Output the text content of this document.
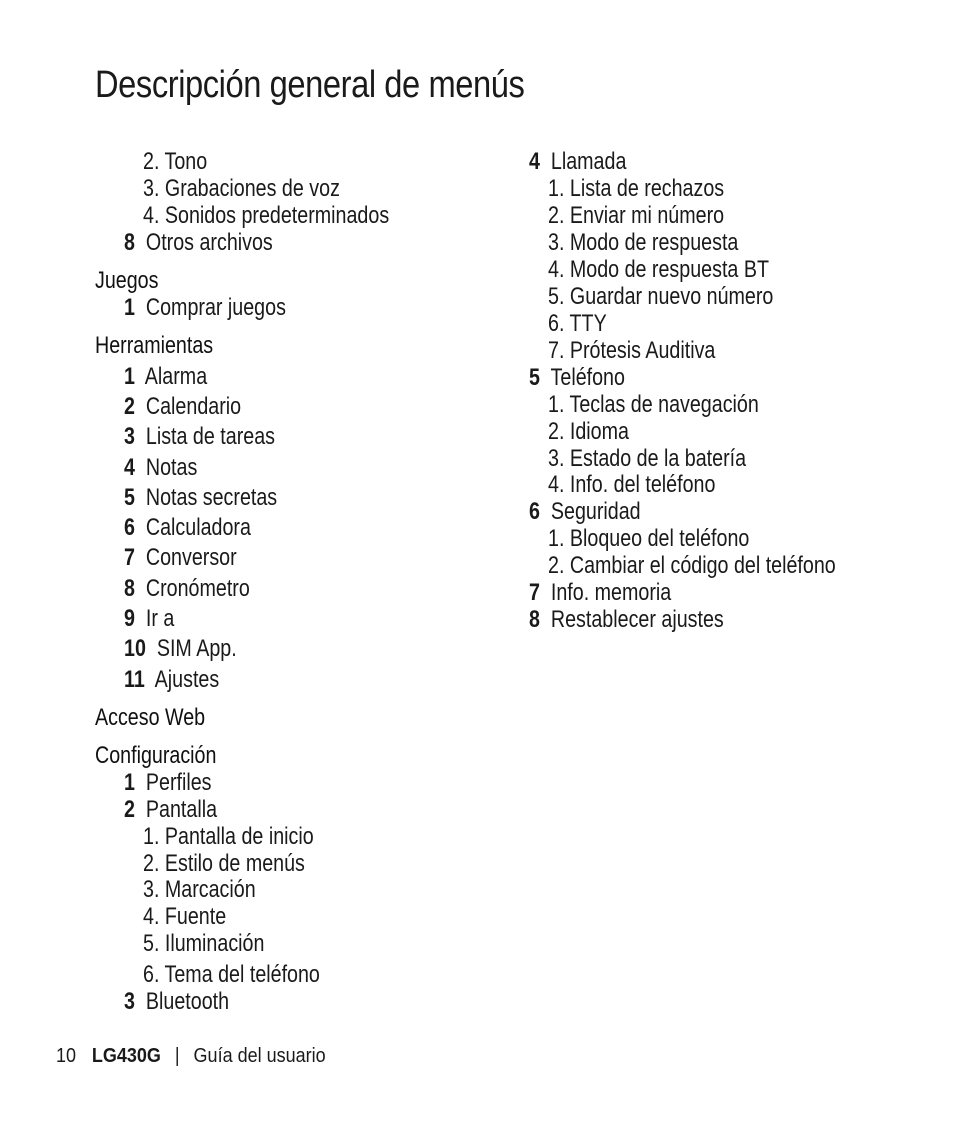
Descripción general de menús
2. Tono
3. Grabaciones de voz
4. Sonidos predeterminados
8 Otros archivos
Juegos
1 Comprar juegos
Herramientas
1 Alarma
2 Calendario
3 Lista de tareas
4 Notas
5 Notas secretas
6 Calculadora
7 Conversor
8 Cronómetro
9 Ir a
10 SIM App.
11 Ajustes
Acceso Web
Configuración
1 Perfiles
2 Pantalla
1. Pantalla de inicio
2. Estilo de menús
3. Marcación
4. Fuente
5. Iluminación
6. Tema del teléfono
3 Bluetooth
4 Llamada
1. Lista de rechazos
2. Enviar mi número
3. Modo de respuesta
4. Modo de respuesta BT
5. Guardar nuevo número
6. TTY
7. Prótesis Auditiva
5 Teléfono
1. Teclas de navegación
2. Idioma
3. Estado de la batería
4. Info. del teléfono
6 Seguridad
1. Bloqueo del teléfono
2. Cambiar el código del teléfono
7 Info. memoria
8 Restablecer ajustes
10 LG430G | Guía del usuario
